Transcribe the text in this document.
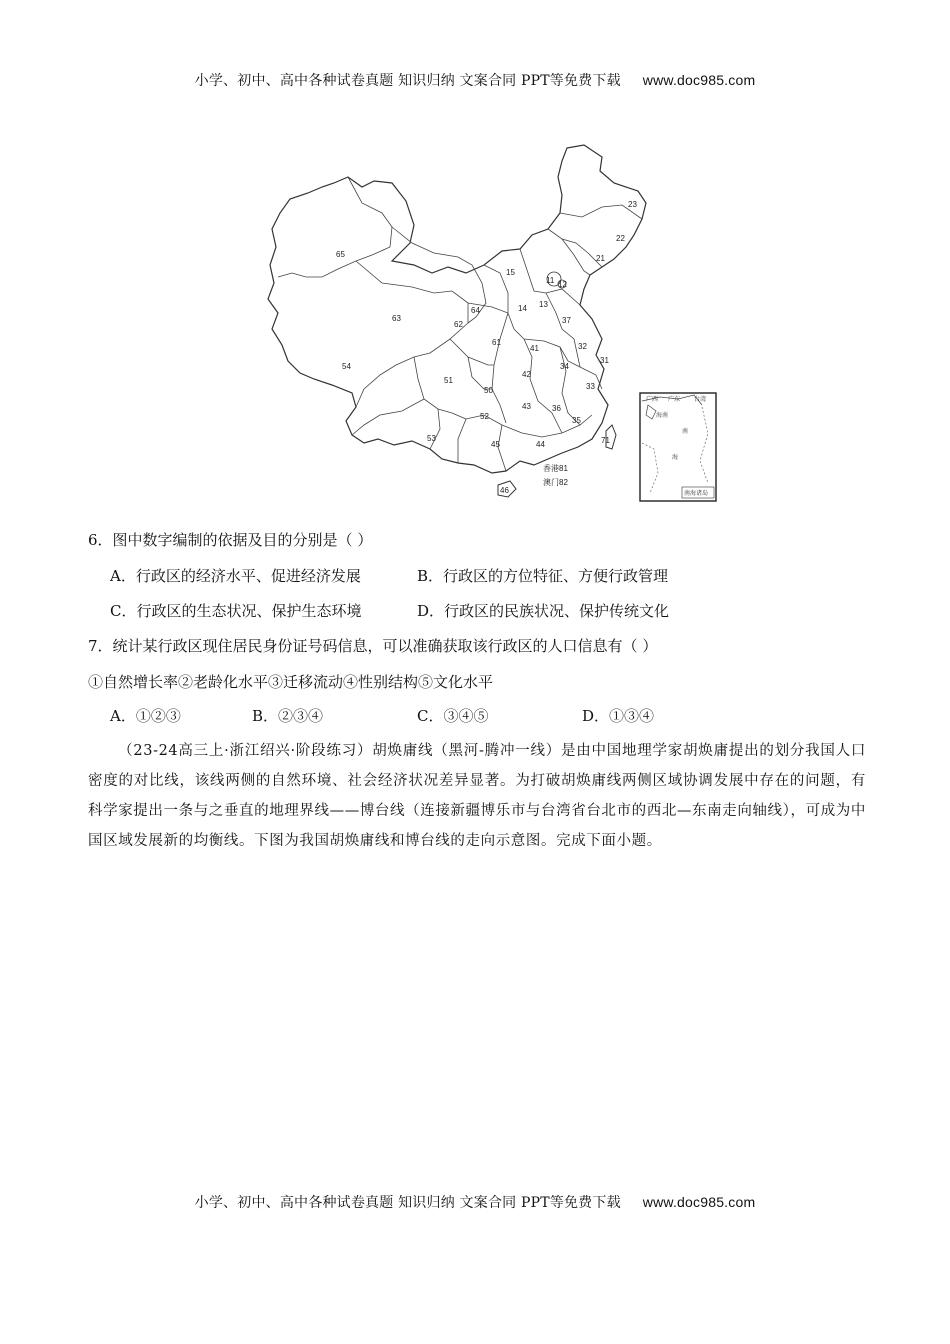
小学、初中、高中各种试卷真题 知识归纳 文案合同 PPT等免费下载 www.doc985.com
65
54
63
62
64
15
23
22
21
11 12
13
14
37
41
61	32
31
34
42
51
50	33
43	36
35
52
53
45	44	71
46
香港81
澳门82
广西 广东 台湾
海南
南
海
南海诸岛
6．图中数字编制的依据及目的分别是（ ）
A．行政区的经济水平、促进经济发展	B．行政区的方位特征、方便行政管理
C．行政区的生态状况、保护生态环境	D．行政区的民族状况、保护传统文化
7．统计某行政区现住居民身份证号码信息，可以准确获取该行政区的人口信息有（ ）
①自然增长率②老龄化水平③迁移流动④性别结构⑤文化水平
A．①②③	B．②③④	C．③④⑤	D．①③④
（23-24高三上·浙江绍兴·阶段练习）胡焕庸线（黑河-腾冲一线）是由中国地理学家胡焕庸提出的划分我国人口密度的对比线，该线两侧的自然环境、社会经济状况差异显著。为打破胡焕庸线两侧区域协调发展中存在的问题，有科学家提出一条与之垂直的地理界线——博台线（连接新疆博乐市与台湾省台北市的西北—东南走向轴线），可成为中国区域发展新的均衡线。下图为我国胡焕庸线和博台线的走向示意图。完成下面小题。
小学、初中、高中各种试卷真题 知识归纳 文案合同 PPT等免费下载 www.doc985.com
